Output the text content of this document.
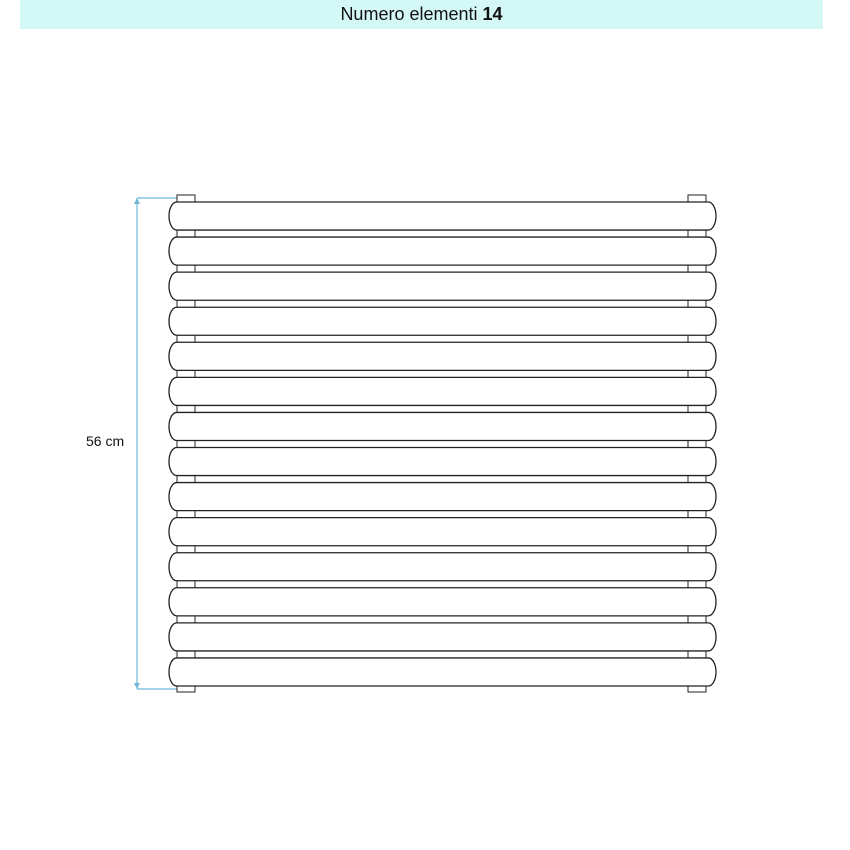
Numero elementi 14
56 cm
